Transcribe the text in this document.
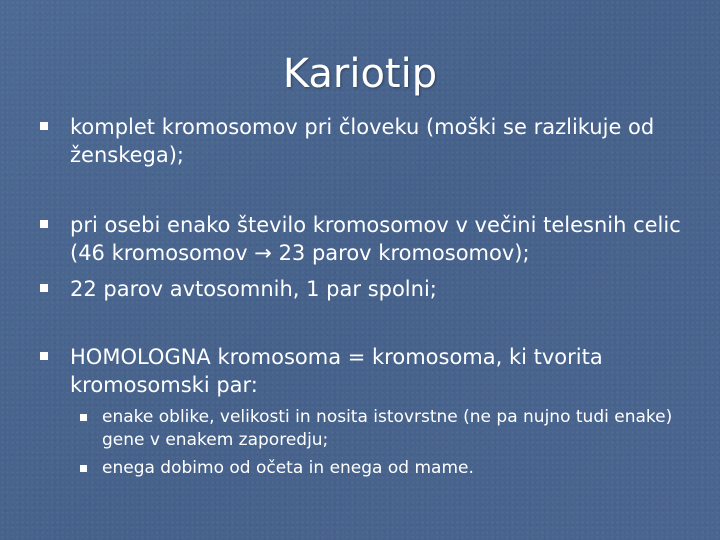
Kariotip
komplet kromosomov pri človeku (moški se razlikuje od ženskega);
pri osebi enako število kromosomov v večini telesnih celic (46 kromosomov → 23 parov kromosomov);
22 parov avtosomnih, 1 par spolni;
HOMOLOGNA kromosoma = kromosoma, ki tvorita kromosomski par:
enake oblike, velikosti in nosita istovrstne (ne pa nujno tudi enake) gene v enakem zaporedju;
enega dobimo od očeta in enega od mame.
